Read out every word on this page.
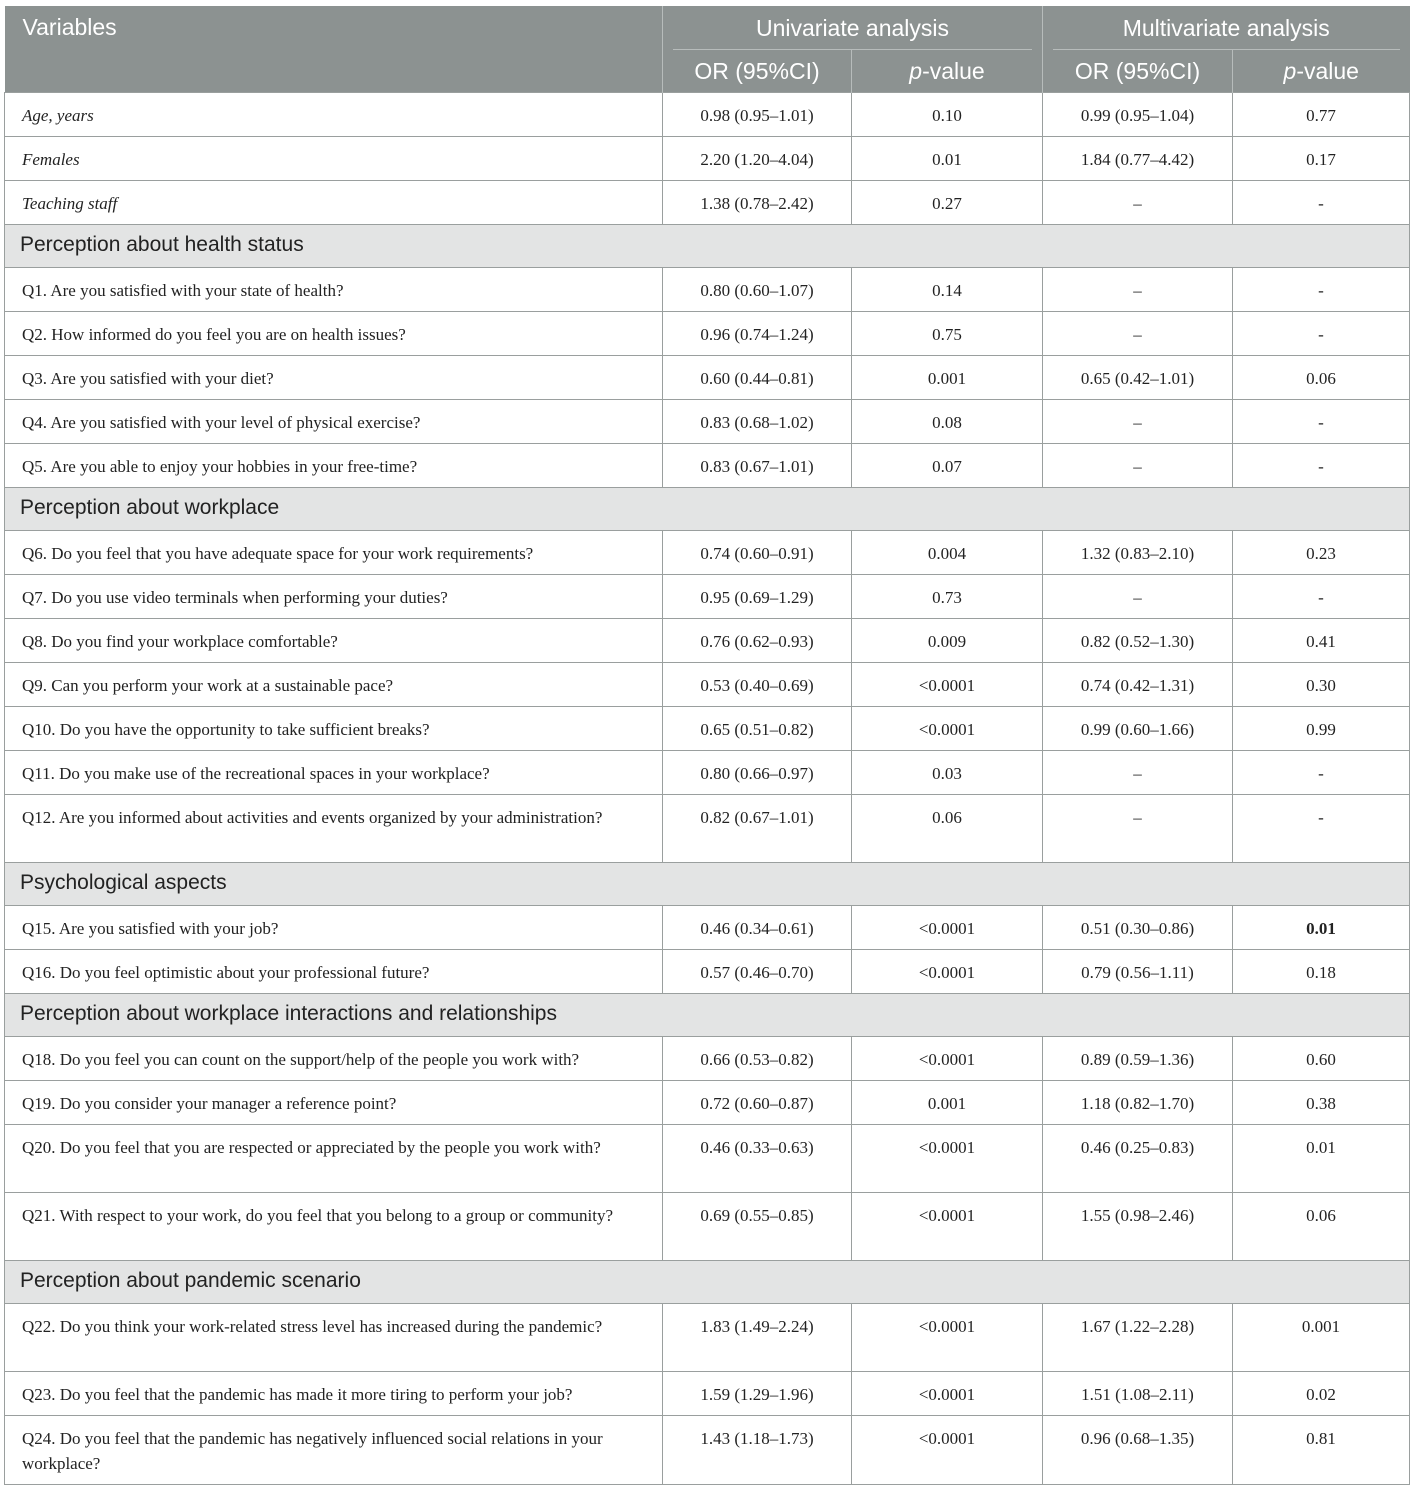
Variables	Univariate analysis		Multivariate analysis	

	OR (95%CI)	p-value	OR (95%CI)	p-value
Age, years	0.98 (0.95–1.01)	0.10	0.99 (0.95–1.04)	0.77
Females	2.20 (1.20–4.04)	0.01	1.84 (0.77–4.42)	0.17
Teaching staff	1.38 (0.78–2.42)	0.27	–	-
Perception about health status				
Q1. Are you satisfied with your state of health?	0.80 (0.60–1.07)	0.14	–	-
Q2. How informed do you feel you are on health issues?	0.96 (0.74–1.24)	0.75	–	-
Q3. Are you satisfied with your diet?	0.60 (0.44–0.81)	0.001	0.65 (0.42–1.01)	0.06
Q4. Are you satisfied with your level of physical exercise?	0.83 (0.68–1.02)	0.08	–	-
Q5. Are you able to enjoy your hobbies in your free-time?	0.83 (0.67–1.01)	0.07	–	-
Perception about workplace				
Q6. Do you feel that you have adequate space for your work requirements?	0.74 (0.60–0.91)	0.004	1.32 (0.83–2.10)	0.23
Q7. Do you use video terminals when performing your duties?	0.95 (0.69–1.29)	0.73	–	-
Q8. Do you find your workplace comfortable?	0.76 (0.62–0.93)	0.009	0.82 (0.52–1.30)	0.41
Q9. Can you perform your work at a sustainable pace?	0.53 (0.40–0.69)	<0.0001	0.74 (0.42–1.31)	0.30
Q10. Do you have the opportunity to take sufficient breaks?	0.65 (0.51–0.82)	<0.0001	0.99 (0.60–1.66)	0.99
Q11. Do you make use of the recreational spaces in your workplace?	0.80 (0.66–0.97)	0.03	–	-
Q12. Are you informed about activities and events organized by your administration?	0.82 (0.67–1.01)	0.06	–	-
Psychological aspects				
Q15. Are you satisfied with your job?	0.46 (0.34–0.61)	<0.0001	0.51 (0.30–0.86)	0.01
Q16. Do you feel optimistic about your professional future?	0.57 (0.46–0.70)	<0.0001	0.79 (0.56–1.11)	0.18
Perception about workplace interactions and relationships				
Q18. Do you feel you can count on the support/help of the people you work with?	0.66 (0.53–0.82)	<0.0001	0.89 (0.59–1.36)	0.60
Q19. Do you consider your manager a reference point?	0.72 (0.60–0.87)	0.001	1.18 (0.82–1.70)	0.38
Q20. Do you feel that you are respected or appreciated by the people you work with?	0.46 (0.33–0.63)	<0.0001	0.46 (0.25–0.83)	0.01
Q21. With respect to your work, do you feel that you belong to a group or community?	0.69 (0.55–0.85)	<0.0001	1.55 (0.98–2.46)	0.06
Perception about pandemic scenario				
Q22. Do you think your work-related stress level has increased during the pandemic?	1.83 (1.49–2.24)	<0.0001	1.67 (1.22–2.28)	0.001
Q23. Do you feel that the pandemic has made it more tiring to perform your job?	1.59 (1.29–1.96)	<0.0001	1.51 (1.08–2.11)	0.02
Q24. Do you feel that the pandemic has negatively influenced social relations in your workplace?	1.43 (1.18–1.73)	<0.0001	0.96 (0.68–1.35)	0.81
